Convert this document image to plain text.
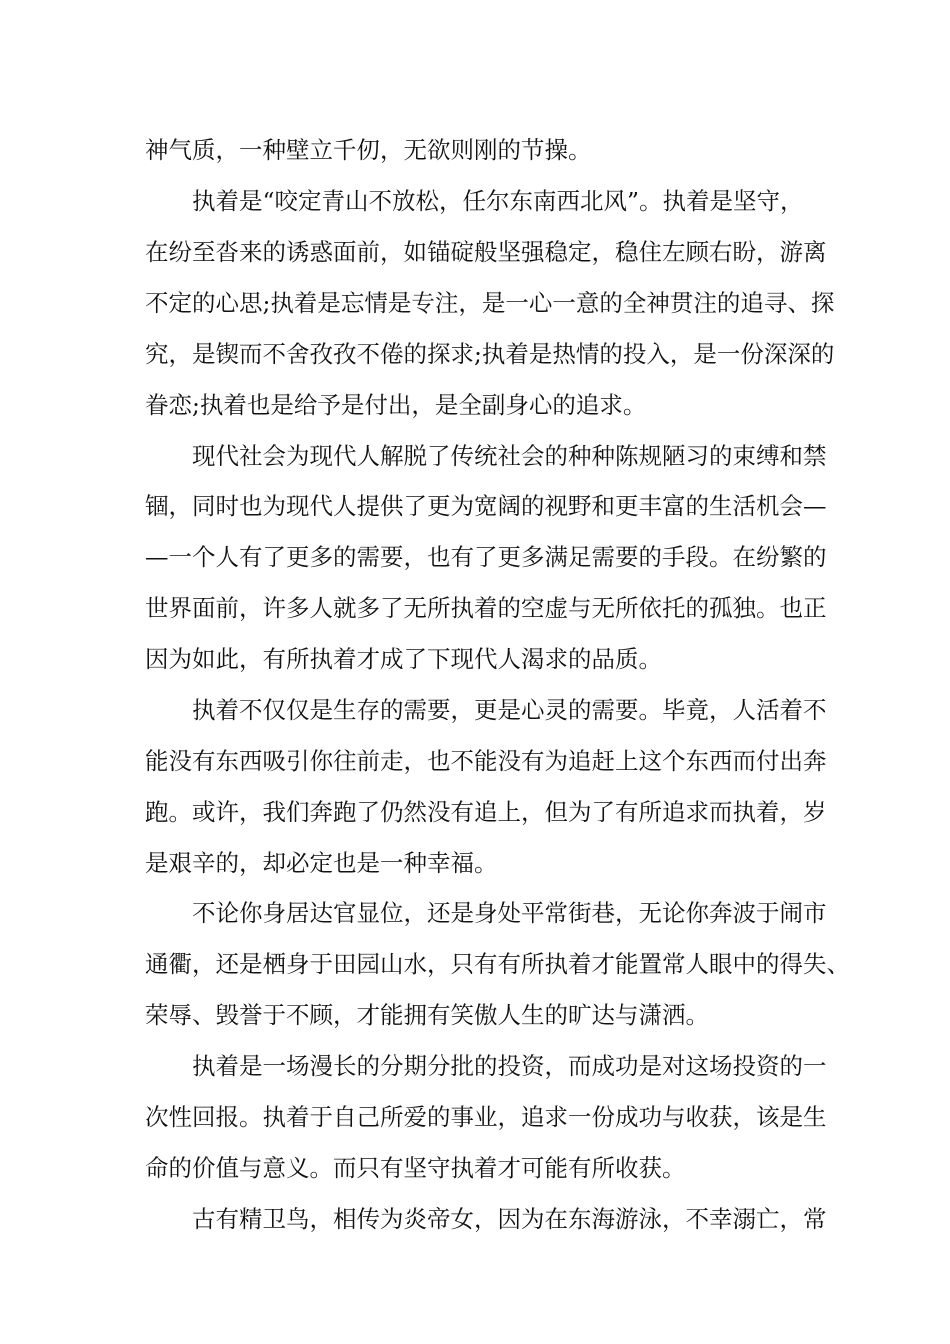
神气质，一种壁立千仞，无欲则刚的节操。
执着是“咬定青山不放松，任尔东南西北风”。执着是坚守，
在纷至沓来的诱惑面前，如锚碇般坚强稳定，稳住左顾右盼，游离
不定的心思;执着是忘情是专注，是一心一意的全神贯注的追寻、探
究，是锲而不舍孜孜不倦的探求;执着是热情的投入，是一份深深的
眷恋;执着也是给予是付出，是全副身心的追求。
现代社会为现代人解脱了传统社会的种种陈规陋习的束缚和禁
锢，同时也为现代人提供了更为宽阔的视野和更丰富的生活机会—
—一个人有了更多的需要，也有了更多满足需要的手段。在纷繁的
世界面前，许多人就多了无所执着的空虚与无所依托的孤独。也正
因为如此，有所执着才成了下现代人渴求的品质。
执着不仅仅是生存的需要，更是心灵的需要。毕竟，人活着不
能没有东西吸引你往前走，也不能没有为追赶上这个东西而付出奔
跑。或许，我们奔跑了仍然没有追上，但为了有所追求而执着，岁
是艰辛的，却必定也是一种幸福。
不论你身居达官显位，还是身处平常街巷，无论你奔波于闹市
通衢，还是栖身于田园山水，只有有所执着才能置常人眼中的得失、
荣辱、毁誉于不顾，才能拥有笑傲人生的旷达与潇洒。
执着是一场漫长的分期分批的投资，而成功是对这场投资的一
次性回报。执着于自己所爱的事业，追求一份成功与收获，该是生
命的价值与意义。而只有坚守执着才可能有所收获。
古有精卫鸟，相传为炎帝女，因为在东海游泳，不幸溺亡，常
